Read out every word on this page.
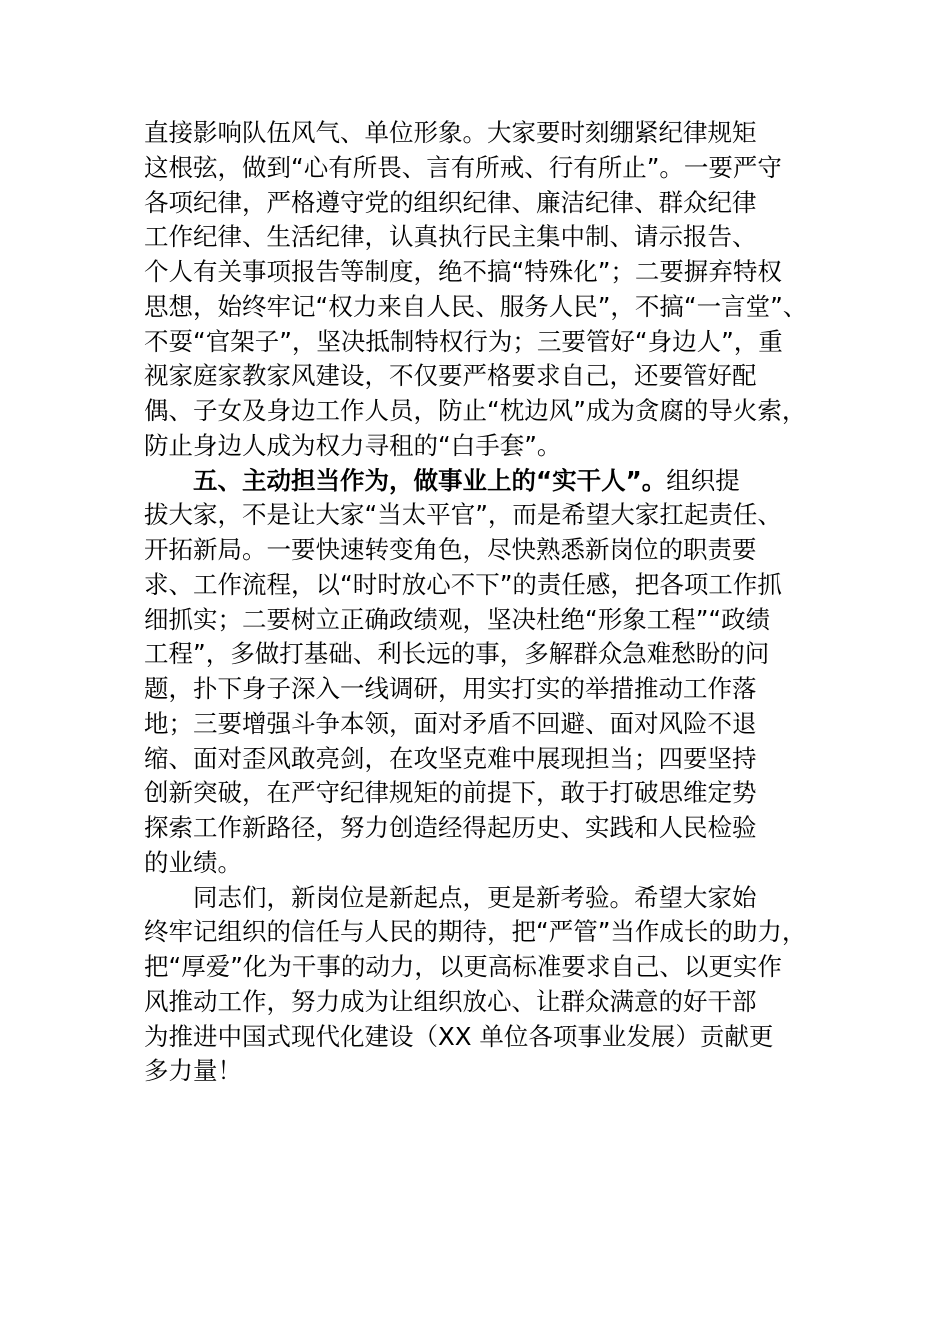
直接影响队伍风气、单位形象。大家要时刻绷紧纪律规矩
这根弦，做到“心有所畏、言有所戒、行有所止”。一要严守
各项纪律，严格遵守党的组织纪律、廉洁纪律、群众纪律
工作纪律、生活纪律，认真执行民主集中制、请示报告、
个人有关事项报告等制度，绝不搞“特殊化”；二要摒弃特权
思想，始终牢记“权力来自人民、服务人民”，不搞“一言堂”、
不耍“官架子”，坚决抵制特权行为；三要管好“身边人”，重
视家庭家教家风建设，不仅要严格要求自己，还要管好配
偶、子女及身边工作人员，防止“枕边风”成为贪腐的导火索，
防止身边人成为权力寻租的“白手套”。
五、主动担当作为，做事业上的“实干人”。组织提
拔大家，不是让大家“当太平官”，而是希望大家扛起责任、
开拓新局。一要快速转变角色，尽快熟悉新岗位的职责要
求、工作流程，以“时时放心不下”的责任感，把各项工作抓
细抓实；二要树立正确政绩观，坚决杜绝“形象工程”“政绩
工程”，多做打基础、利长远的事，多解群众急难愁盼的问
题，扑下身子深入一线调研，用实打实的举措推动工作落
地；三要增强斗争本领，面对矛盾不回避、面对风险不退
缩、面对歪风敢亮剑，在攻坚克难中展现担当；四要坚持
创新突破，在严守纪律规矩的前提下，敢于打破思维定势
探索工作新路径，努力创造经得起历史、实践和人民检验
的业绩。
同志们，新岗位是新起点，更是新考验。希望大家始
终牢记组织的信任与人民的期待，把“严管”当作成长的助力，
把“厚爱”化为干事的动力，以更高标准要求自己、以更实作
风推动工作，努力成为让组织放心、让群众满意的好干部
为推进中国式现代化建设（XX 单位各项事业发展）贡献更
多力量！
